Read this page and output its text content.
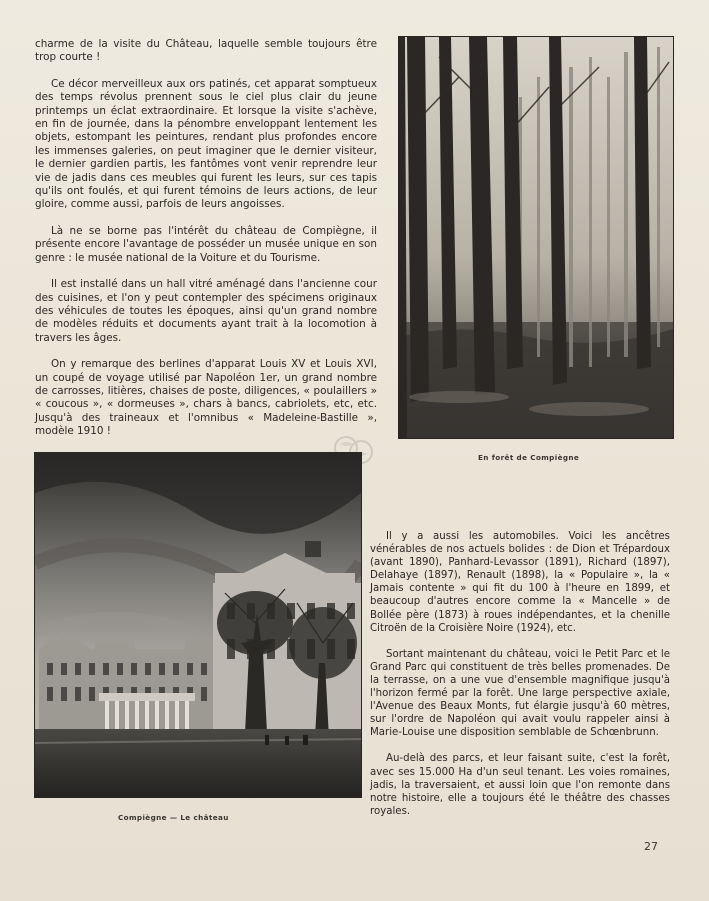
charme de la visite du Château, laquelle semble toujours être trop courte !

Ce décor merveilleux aux ors patinés, cet apparat somptueux des temps révolus prennent sous le ciel plus clair du jeune printemps un éclat extraordinaire. Et lorsque la visite s'achève, en fin de journée, dans la pénombre enveloppant lentement les objets, estompant les peintures, rendant plus profondes encore les immenses galeries, on peut imaginer que le dernier visiteur, le dernier gardien partis, les fantômes vont venir reprendre leur vie de jadis dans ces meubles qui furent les leurs, sur ces tapis qu'ils ont foulés, et qui furent témoins de leurs actions, de leur gloire, comme aussi, parfois de leurs angoisses.

Là ne se borne pas l'intérêt du château de Compiègne, il présente encore l'avantage de posséder un musée unique en son genre : le musée national de la Voiture et du Tourisme.

Il est installé dans un hall vitré aménagé dans l'ancienne cour des cuisines, et l'on y peut contempler des spécimens originaux des véhicules de toutes les époques, ainsi qu'un grand nombre de modèles réduits et documents ayant trait à la locomotion à travers les âges.

On y remarque des berlines d'apparat Louis XV et Louis XVI, un coupé de voyage utilisé par Napoléon 1er, un grand nombre de carrosses, litières, chaises de poste, diligences, « poulaillers » « coucous », « dormeuses », chars à bancs, cabriolets, etc, etc. Jusqu'à des traineaux et l'omnibus « Madeleine-Bastille », modèle 1910 !

En forêt de Compiègne
Compiègne — Le château

Il y a aussi les automobiles. Voici les ancêtres vénérables de nos actuels bolides : de Dion et Trépardoux (avant 1890), Panhard-Levassor (1891), Richard (1897), Delahaye (1897), Renault (1898), la « Populaire », la « Jamais contente » qui fit du 100 à l'heure en 1899, et beaucoup d'autres encore comme la « Mancelle » de Bollée père (1873) à roues indépendantes, et la chenille Citroën de la Croisière Noire (1924), etc.

Sortant maintenant du château, voici le Petit Parc et le Grand Parc qui constituent de très belles promenades. De la terrasse, on a une vue d'ensemble magnifique jusqu'à l'horizon fermé par la forêt. Une large perspective axiale, l'Avenue des Beaux Monts, fut élargie jusqu'à 60 mètres, sur l'ordre de Napoléon qui avait voulu rappeler ainsi à Marie-Louise une disposition semblable de Schœnbrunn.

Au-delà des parcs, et leur faisant suite, c'est la forêt, avec ses 15.000 Ha d'un seul tenant. Les voies romaines, jadis, la traversaient, et aussi loin que l'on remonte dans notre histoire, elle a toujours été le théâtre des chasses royales.

27
